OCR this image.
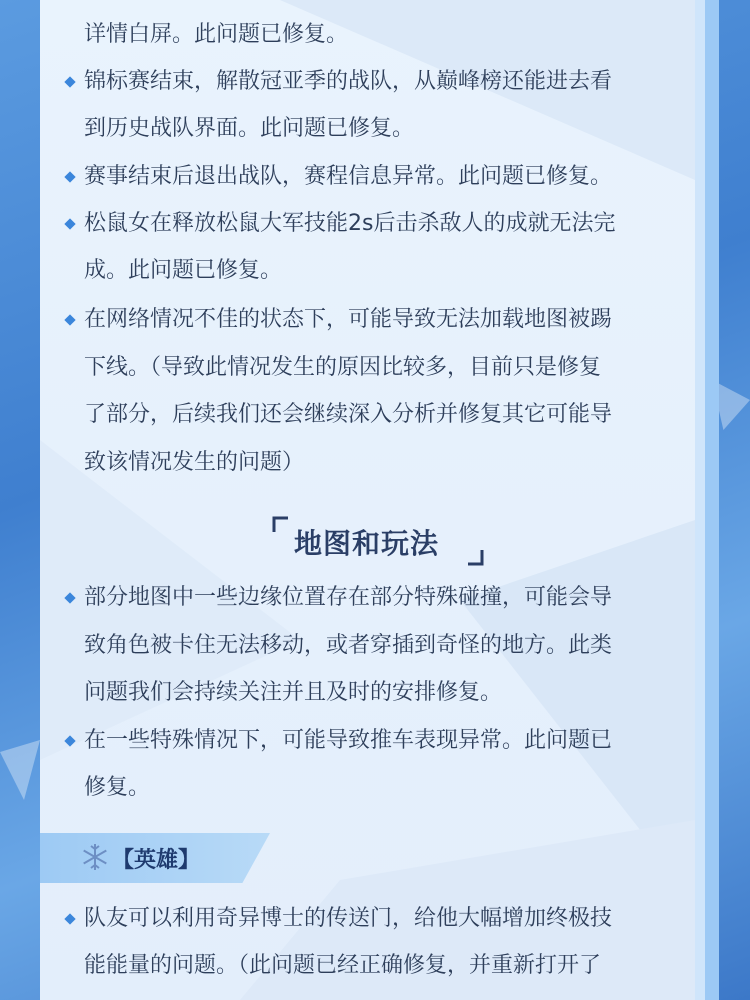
详情白屏。此问题已修复。
锦标赛结束，解散冠亚季的战队，从巅峰榜还能进去看
到历史战队界面。此问题已修复。
赛事结束后退出战队，赛程信息异常。此问题已修复。
松鼠女在释放松鼠大军技能2s后击杀敌人的成就无法完
成。此问题已修复。
在网络情况不佳的状态下，可能导致无法加载地图被踢
下线。（导致此情况发生的原因比较多，目前只是修复
了部分，后续我们还会继续深入分析并修复其它可能导
致该情况发生的问题）
部分地图中一些边缘位置存在部分特殊碰撞，可能会导
致角色被卡住无法移动，或者穿插到奇怪的地方。此类
问题我们会持续关注并且及时的安排修复。
在一些特殊情况下，可能导致推车表现异常。此问题已
修复。
队友可以利用奇异博士的传送门，给他大幅增加终极技
能能量的问题。（此问题已经正确修复，并重新打开了
地图和玩法
【英雄】
